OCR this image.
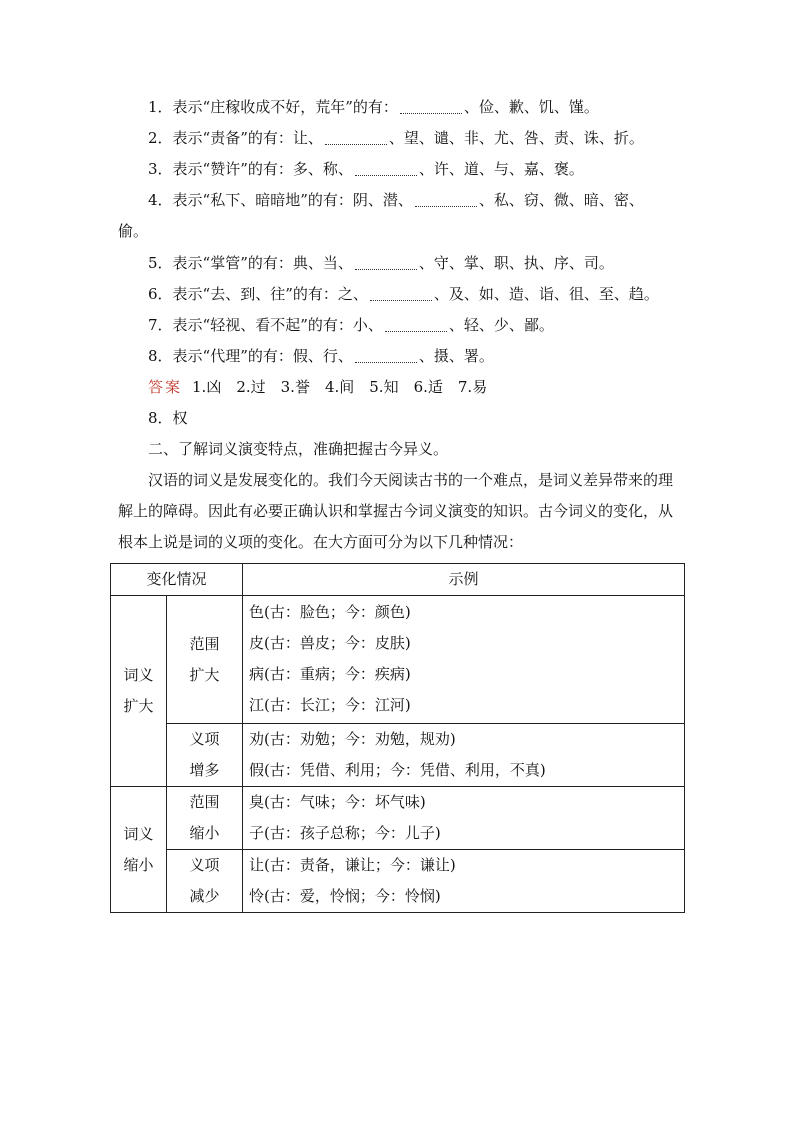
1．表示“庄稼收成不好，荒年”的有：	、俭、歉、饥、馑。
2．表示“责备”的有：让、	、望、谴、非、尤、咎、责、诛、折。
3．表示“赞许”的有：多、称、	、许、道、与、嘉、褒。
4．表示“私下、暗暗地”的有：阴、潜、	、私、窃、微、暗、密、
偷。
5．表示“掌管”的有：典、当、	、守、掌、职、执、序、司。
6．表示“去、到、往”的有：之、	、及、如、造、诣、徂、至、趋。
7．表示“轻视、看不起”的有：小、	、轻、少、鄙。
8．表示“代理”的有：假、行、	、摄、署。
答案 1.凶　2.过　3.誉　4.间　5.知　6.适　7.易
8．权
二、了解词义演变特点，准确把握古今异义。
汉语的词义是发展变化的。我们今天阅读古书的一个难点，是词义差异带来的理解上的障碍。因此有必要正确认识和掌握古今词义演变的知识。古今词义的变化，从根本上说是词的义项的变化。在大方面可分为以下几种情况：
变化情况		示例
词义扩大	范围扩大	色(古：脸色；今：颜色)
皮(古：兽皮；今：皮肤)
病(古：重病；今：疾病)
江(古：长江；今：江河)

	义项增多	劝(古：劝勉；今：劝勉，规劝)
假(古：凭借、利用；今：凭借、利用，不真)

词义缩小	范围缩小	臭(古：气味；今：坏气味)
子(古：孩子总称；今：儿子)

	义项减少	让(古：责备，谦让；今：谦让)
怜(古：爱，怜悯；今：怜悯)
